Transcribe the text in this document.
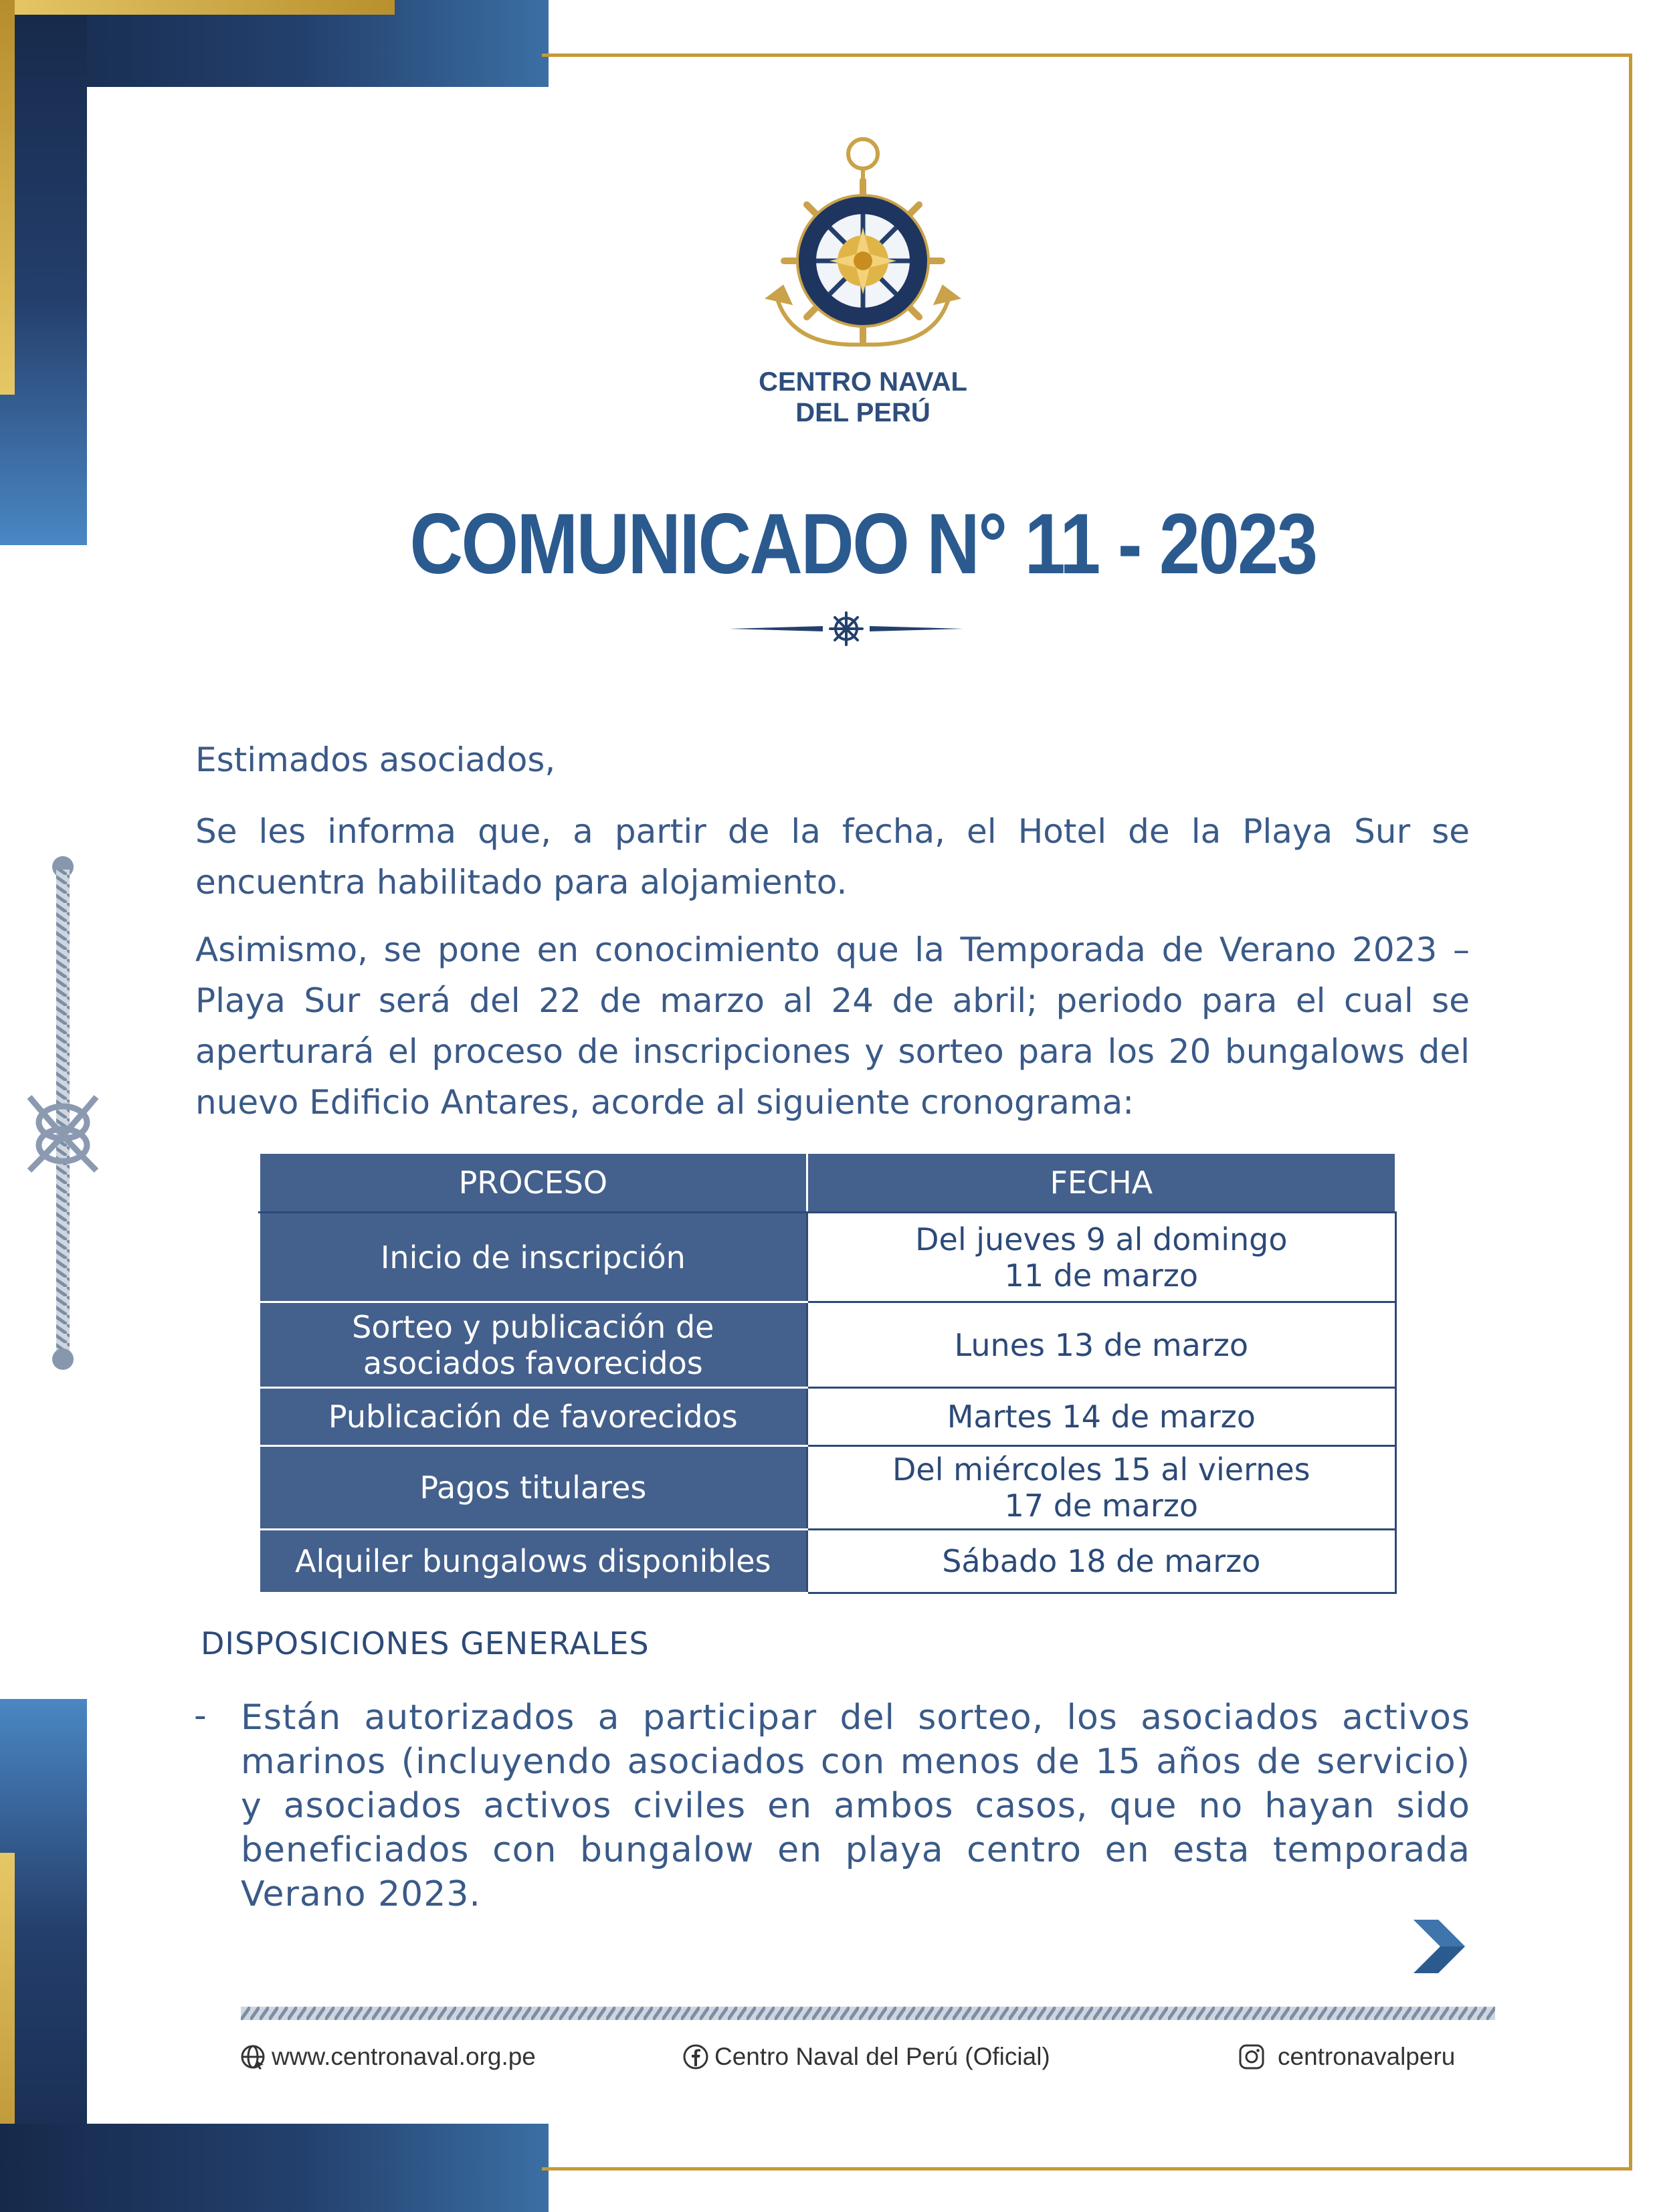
CENTRO NAVAL
DEL PERÚ
COMUNICADO N° 11 - 2023
Estimados asociados,
Se les informa que, a partir de la fecha, el Hotel de la Playa Sur se encuentra habilitado para alojamiento.
Asimismo, se pone en conocimiento que la Temporada de Verano 2023 – Playa Sur será del 22 de marzo al 24 de abril; periodo para el cual se aperturará el proceso de inscripciones y sorteo para los 20 bungalows del nuevo Edificio Antares, acorde al siguiente cronograma:
PROCESO	FECHA
Inicio de inscripción	Del jueves 9 al domingo
11 de marzo

Sorteo y publicación de
asociados favorecidos	Lunes 13 de marzo
Publicación de favorecidos	Martes 14 de marzo
Pagos titulares	Del miércoles 15 al viernes
17 de marzo

Alquiler bungalows disponibles	Sábado 18 de marzo
DISPOSICIONES GENERALES
- Están autorizados a participar del sorteo, los asociados activos marinos (incluyendo asociados con menos de 15 años de servicio) y asociados activos civiles en ambos casos, que no hayan sido beneficiados con bungalow en playa centro en esta temporada Verano 2023.
www.centronaval.org.pe	Centro Naval del Perú (Oficial)	centronavalperu
